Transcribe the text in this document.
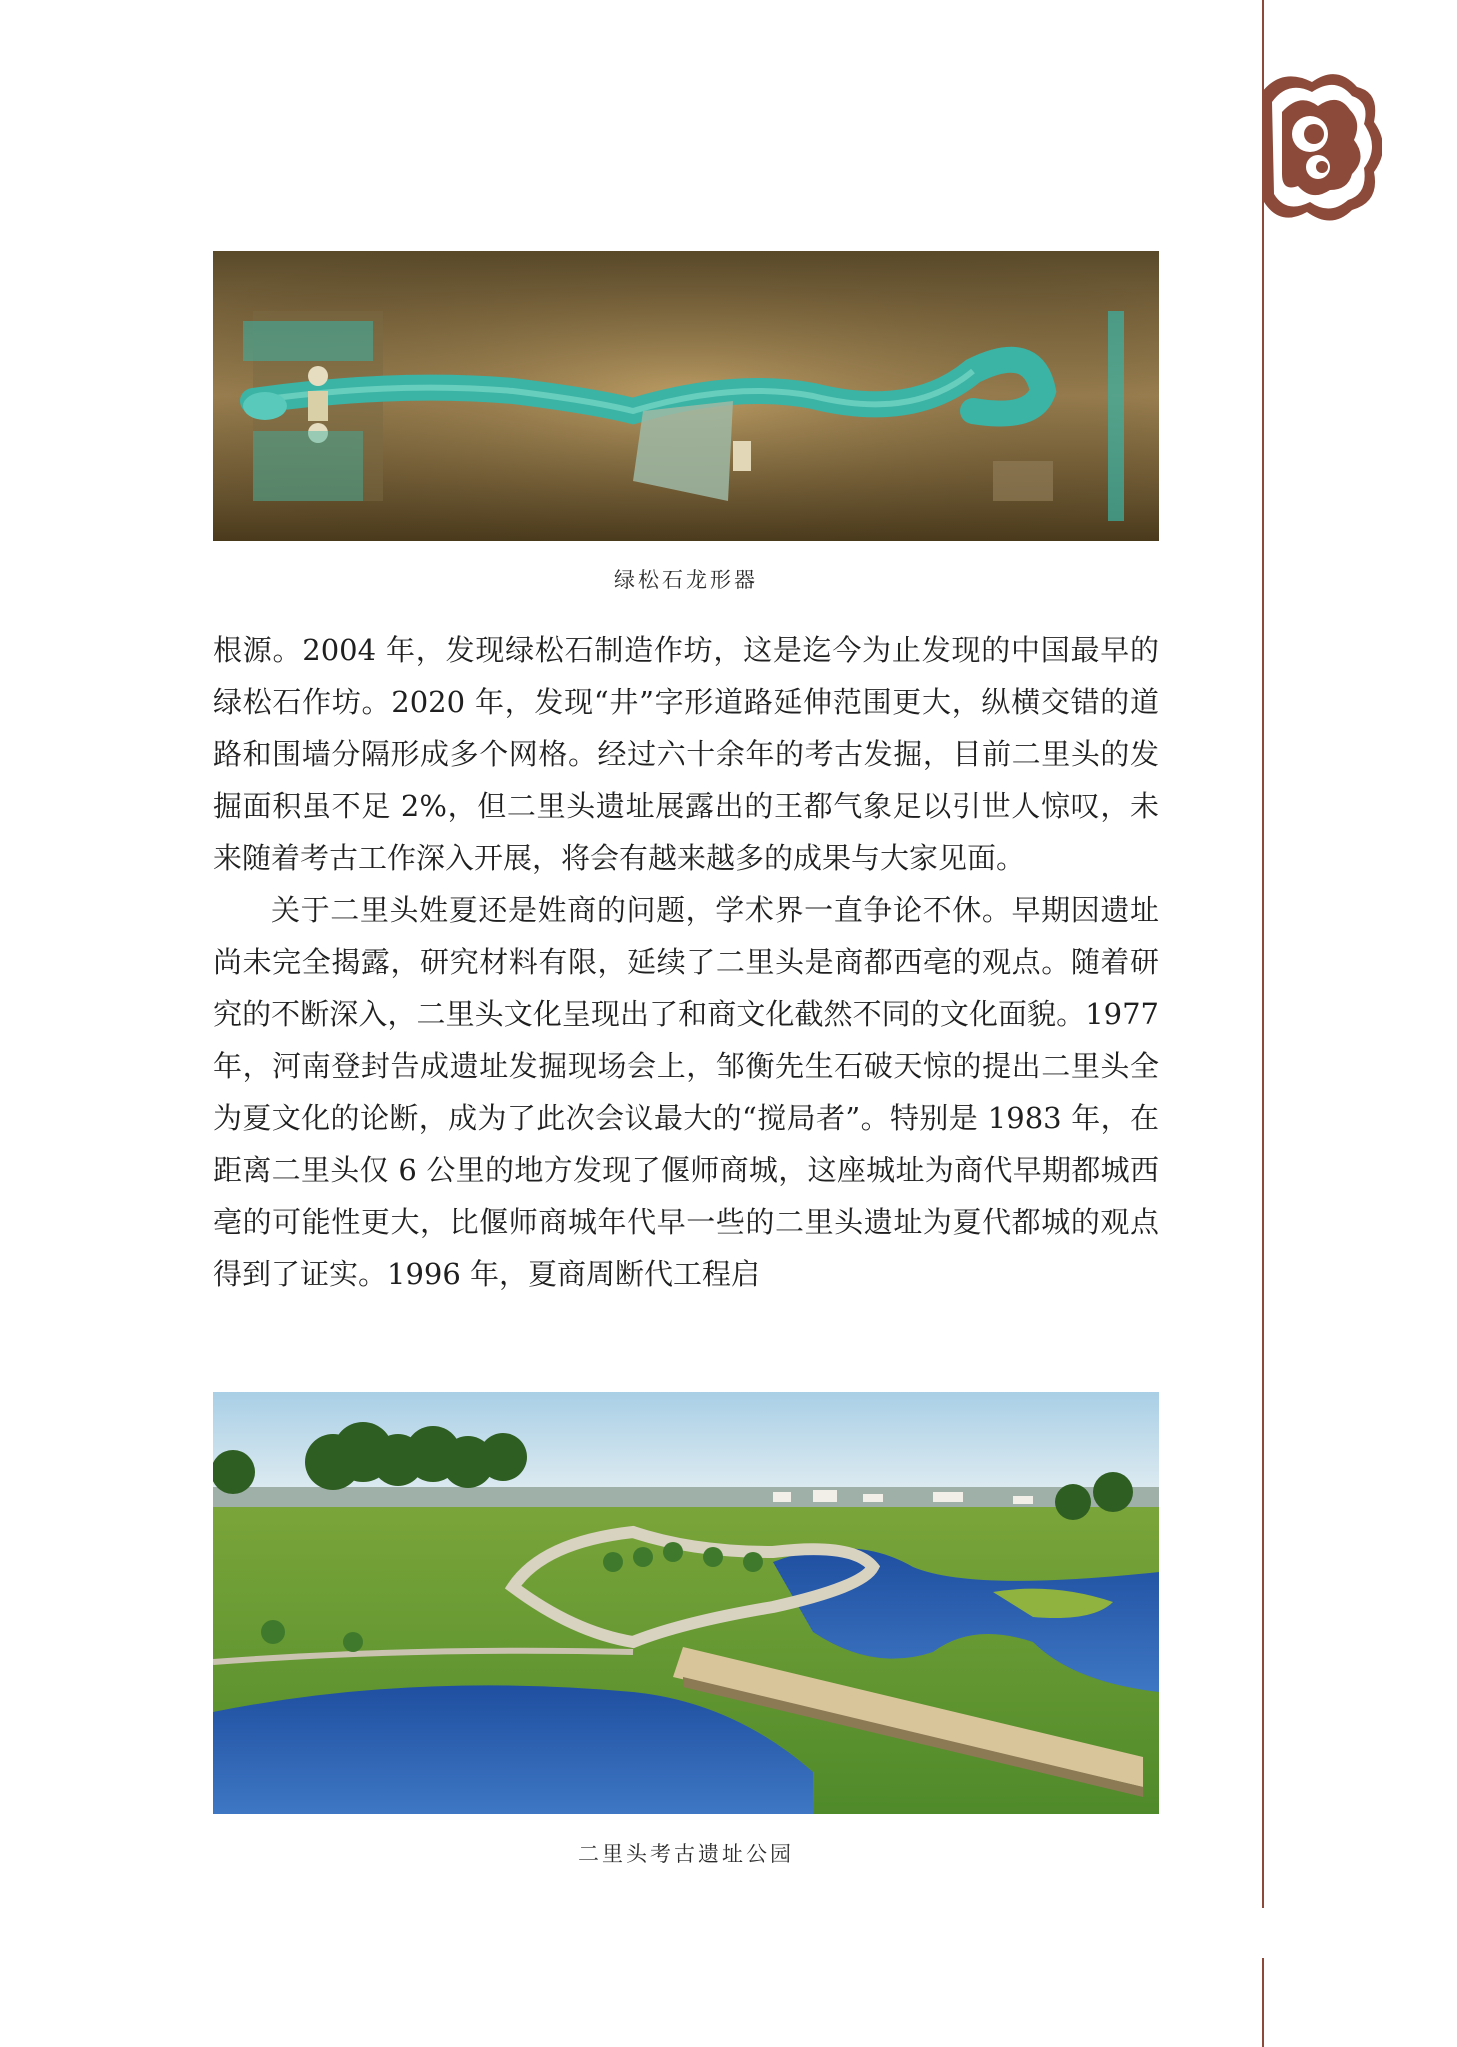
绿松石龙形器

根源。2004 年，发现绿松石制造作坊，这是迄今为止发现的中国最早的绿松石作坊。2020 年，发现“井”字形道路延伸范围更大，纵横交错的道路和围墙分隔形成多个网格。经过六十余年的考古发掘，目前二里头的发掘面积虽不足 2%，但二里头遗址展露出的王都气象足以引世人惊叹，未来随着考古工作深入开展，将会有越来越多的成果与大家见面。

关于二里头姓夏还是姓商的问题，学术界一直争论不休。早期因遗址尚未完全揭露，研究材料有限，延续了二里头是商都西亳的观点。随着研究的不断深入，二里头文化呈现出了和商文化截然不同的文化面貌。1977 年，河南登封告成遗址发掘现场会上，邹衡先生石破天惊的提出二里头全为夏文化的论断，成为了此次会议最大的“搅局者”。特别是 1983 年，在距离二里头仅 6 公里的地方发现了偃师商城，这座城址为商代早期都城西亳的可能性更大，比偃师商城年代早一些的二里头遗址为夏代都城的观点得到了证实。1996 年，夏商周断代工程启

二里头考古遗址公园
